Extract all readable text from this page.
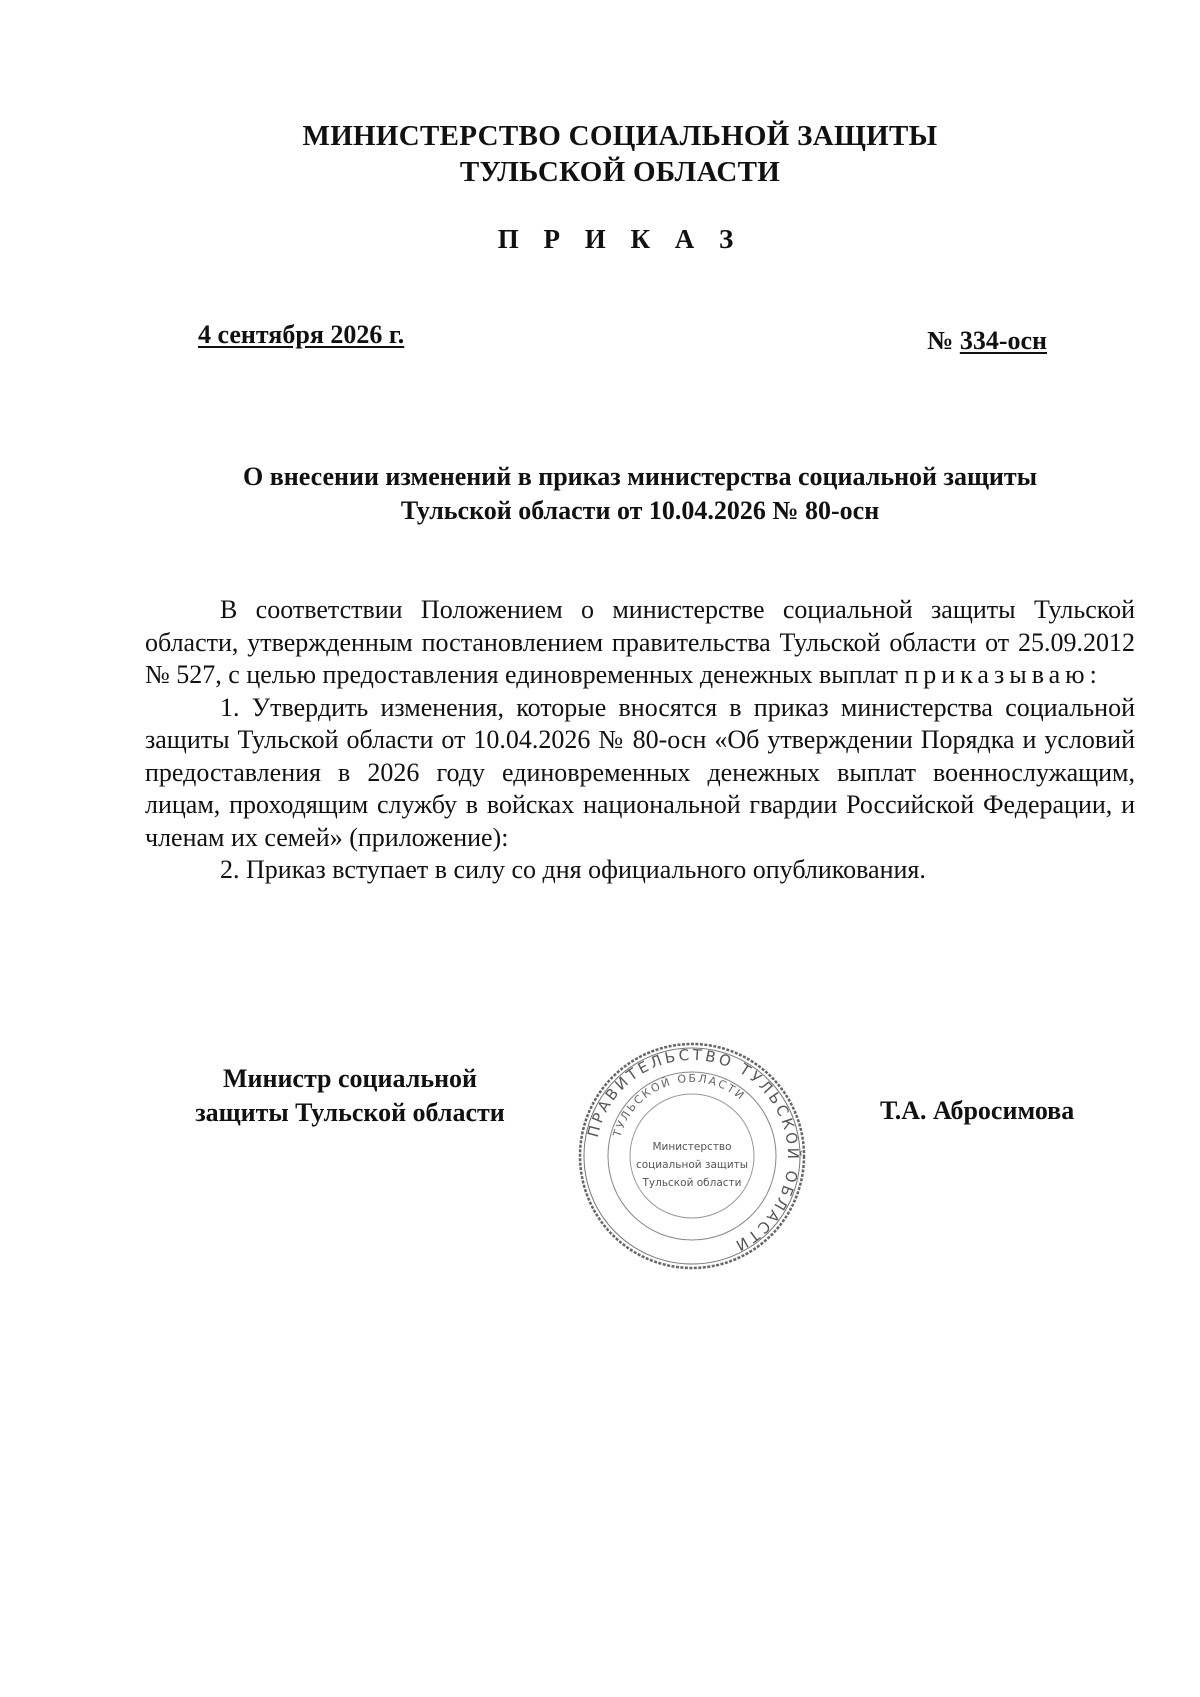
МИНИСТЕРСТВО СОЦИАЛЬНОЙ ЗАЩИТЫ
ТУЛЬСКОЙ ОБЛАСТИ
П Р И К А З
4 сентября 2026 г.	№ 334-осн
О внесении изменений в приказ министерства социальной защиты
Тульской области от 10.04.2026 № 80-осн

В соответствии Положением о министерстве социальной защиты Тульской области, утвержденным постановлением правительства Тульской области от 25.09.2012 № 527, с целью предоставления единовременных денежных выплат приказываю:

1. Утвердить изменения, которые вносятся в приказ министерства социальной защиты Тульской области от 10.04.2026 № 80-осн «Об утверждении Порядка и условий предоставления в 2026 году единовременных денежных выплат военнослужащим, лицам, проходящим службу в войсках национальной гвардии Российской Федерации, и членам их семей» (приложение):

2. Приказ вступает в силу со дня официального опубликования.

Министр социальной
защиты Тульской области
ПРАВИТЕЛЬСТВО ТУЛЬСКОЙ ОБЛАСТИ
ТУЛЬСКОЙ ОБЛАСТИ
Министерство
социальной защиты
Тульской области
Т.А. Абросимова
